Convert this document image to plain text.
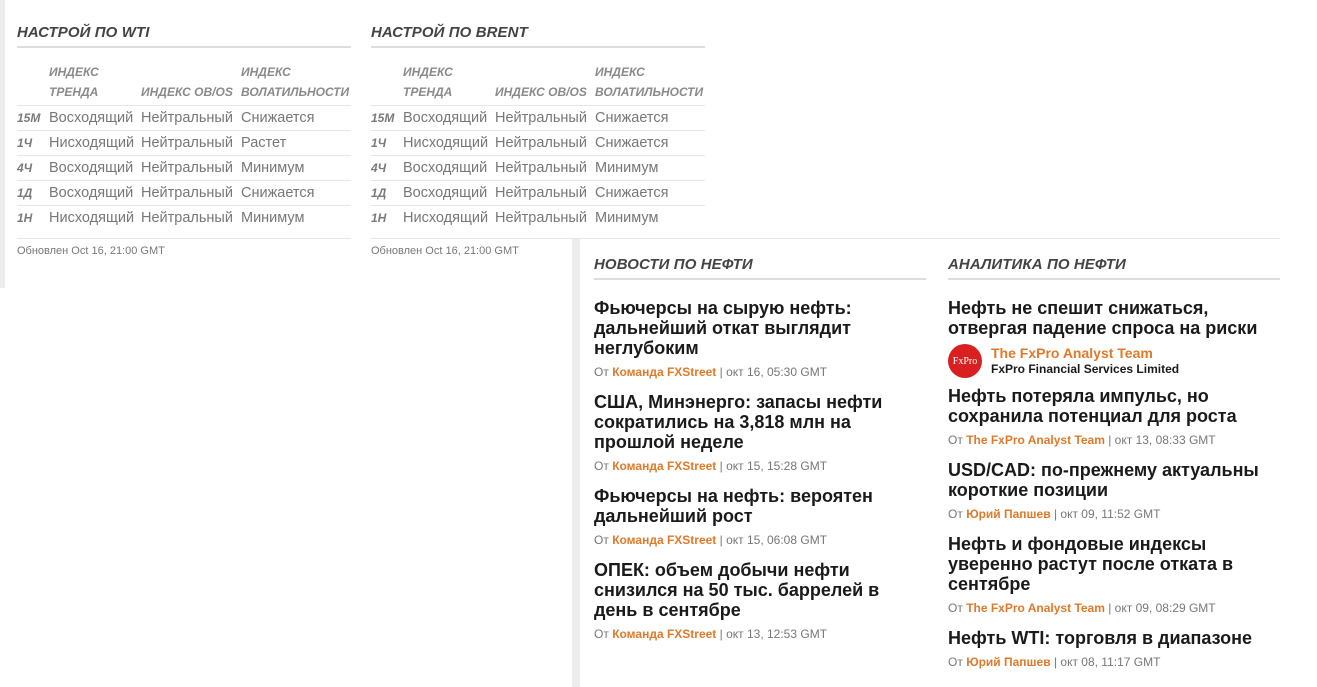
НАСТРОЙ ПО WTI
	ИНДЕКС ТРЕНДА	ИНДЕКС OB/OS	ИНДЕКС ВОЛАТИЛЬНОСТИ
15M	Восходящий	Нейтральный	Снижается
1Ч	Нисходящий	Нейтральный	Растет
4Ч	Восходящий	Нейтральный	Минимум
1Д	Восходящий	Нейтральный	Снижается
1Н	Нисходящий	Нейтральный	Минимум
Обновлен Oct 16, 21:00 GMT
НАСТРОЙ ПО BRENT
	ИНДЕКС ТРЕНДА	ИНДЕКС OB/OS	ИНДЕКС ВОЛАТИЛЬНОСТИ
15M	Восходящий	Нейтральный	Снижается
1Ч	Нисходящий	Нейтральный	Снижается
4Ч	Восходящий	Нейтральный	Минимум
1Д	Восходящий	Нейтральный	Снижается
1Н	Нисходящий	Нейтральный	Минимум
Обновлен Oct 16, 21:00 GMT
НОВОСТИ ПО НЕФТИ

Фьючерсы на сырую нефть: дальнейший откат выглядит неглубоким

От Команда FXStreet | окт 16, 05:30 GMT

США, Минэнерго: запасы нефти сократились на 3,818 млн на прошлой неделе

От Команда FXStreet | окт 15, 15:28 GMT

Фьючерсы на нефть: вероятен дальнейший рост

От Команда FXStreet | окт 15, 06:08 GMT

ОПЕК: объем добычи нефти снизился на 50 тыс. баррелей в день в сентябре

От Команда FXStreet | окт 13, 12:53 GMT
АНАЛИТИКА ПО НЕФТИ

Нефть не спешит снижаться, отвергая падение спроса на риски

FxPro The FxPro Analyst Team
FxPro Financial Services Limited

Нефть потеряла импульс, но сохранила потенциал для роста

От The FxPro Analyst Team | окт 13, 08:33 GMT

USD/CAD: по-прежнему актуальны короткие позиции

От Юрий Папшев | окт 09, 11:52 GMT

Нефть и фондовые индексы уверенно растут после отката в сентябре

От The FxPro Analyst Team | окт 09, 08:29 GMT

Нефть WTI: торговля в диапазоне

От Юрий Папшев | окт 08, 11:17 GMT
